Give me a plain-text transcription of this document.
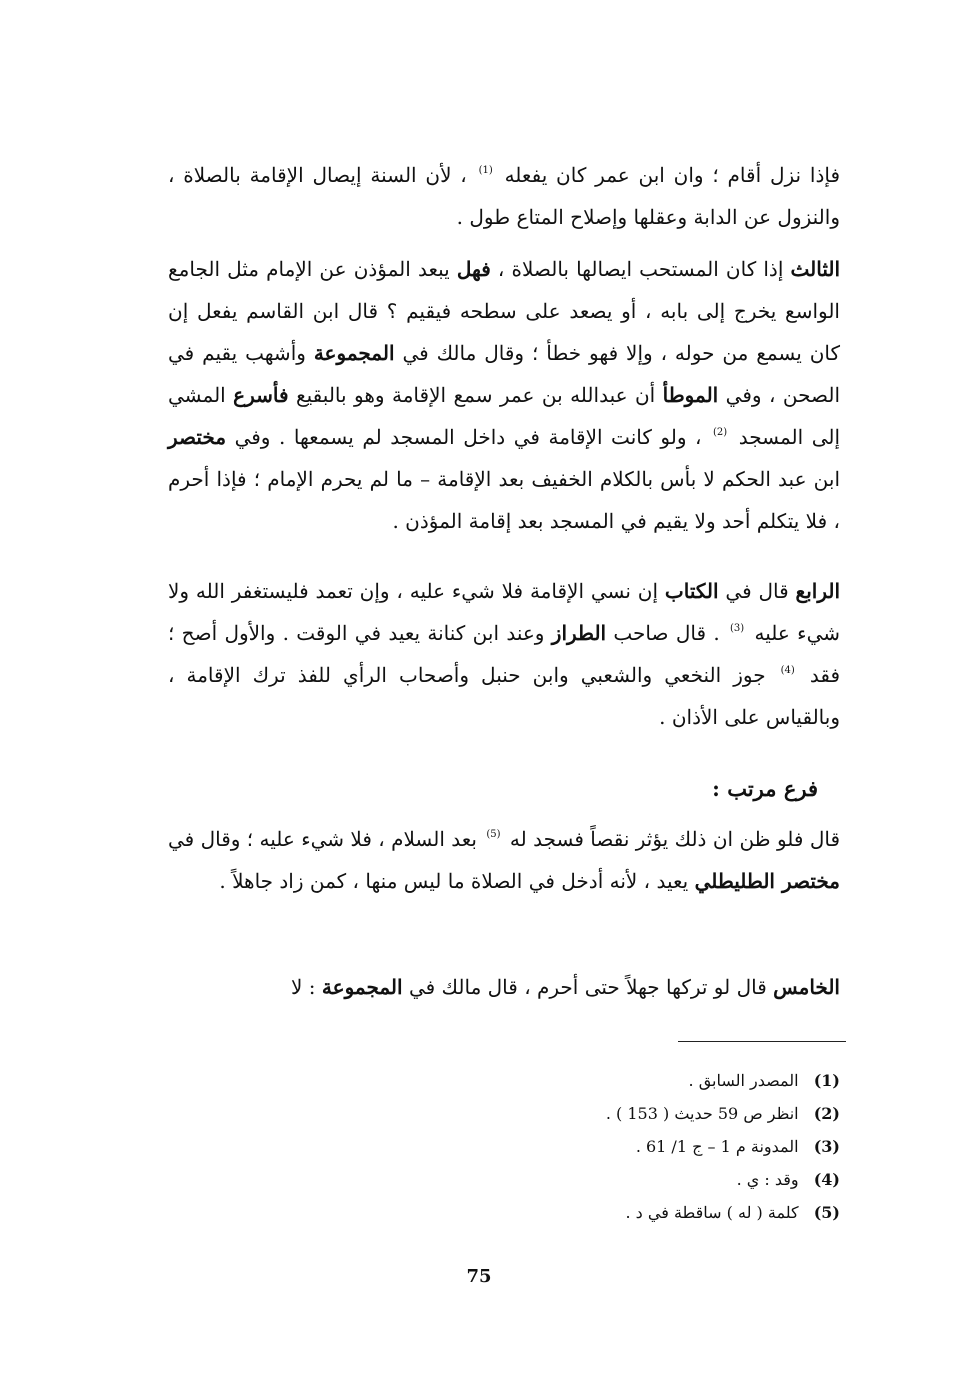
فإذا نزل أقام ؛ وان ابن عمر كان يفعله $^{(1)}$ ، لأن السنة إيصال الإقامة بالصلاة ، والنزول عن الدابة وعقلها وإصلاح المتاع طول .

الثالث إذا كان المستحب ايصالها بالصلاة ، فهل يبعد المؤذن عن الإمام مثل الجامع الواسع يخرج إلى بابه ، أو يصعد على سطحه فيقيم ؟ قال ابن القاسم يفعل إن كان يسمع من حوله ، وإلا فهو خطأ ؛ وقال مالك في المجموعة وأشهب يقيم في الصحن ، وفي الموطأ أن عبدالله بن عمر سمع الإقامة وهو بالبقيع فأسرع المشي إلى المسجد $^{(2)}$ ، ولو كانت الإقامة في داخل المسجد لم يسمعها . وفي مختصر ابن عبد الحكم لا بأس بالكلام الخفيف بعد الإقامة – ما لم يحرم الإمام ؛ فإذا أحرم ، فلا يتكلم أحد ولا يقيم في المسجد بعد إقامة المؤذن .

الرابع قال في الكتاب إن نسي الإقامة فلا شيء عليه ، وإن تعمد فليستغفر الله ولا شيء عليه $^{(3)}$ . قال صاحب الطراز وعند ابن كنانة يعيد في الوقت . والأول أصح ؛ فقد $^{(4)}$ جوز النخعي والشعبي وابن حنبل وأصحاب الرأي للفذ ترك الإقامة ، وبالقياس على الأذان .

فرع مرتب :

قال فلو ظن ان ذلك يؤثر نقصاً فسجد له $^{(5)}$ بعد السلام ، فلا شيء عليه ؛ وقال في مختصر الطليطلي يعيد ، لأنه أدخل في الصلاة ما ليس منها ، كمن زاد جاهلاً .

الخامس قال لو تركها جهلاً حتى أحرم ، قال مالك في المجموعة : لا

(1) المصدر السابق .
(2) انظر ص 59 حديث ( 153 ) .
(3) المدونة م 1 – ج 1/ 61 .
(4) وقد : ي .
(5) كلمة ( له ) ساقطة في د .
75
